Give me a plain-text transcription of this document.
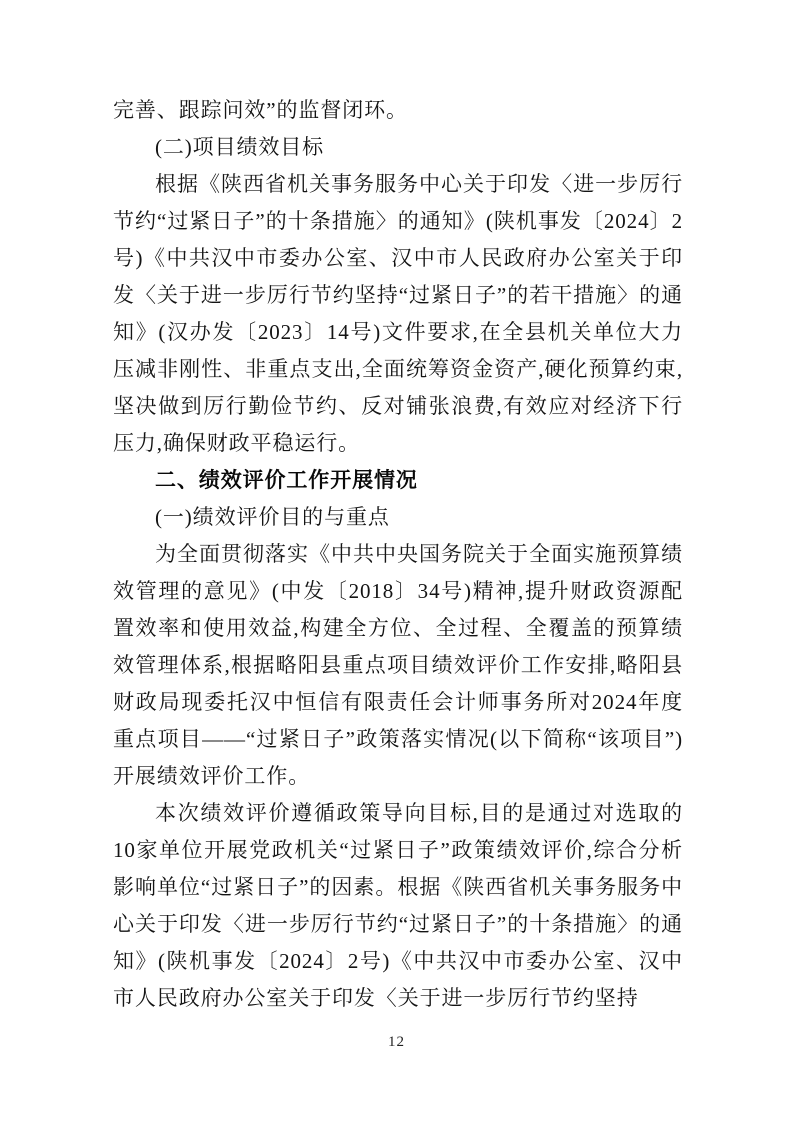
完善、跟踪问效”的监督闭环。

(二)项目绩效目标

根据《陕西省机关事务服务中心关于印发〈进一步厉行节约“过紧日子”的十条措施〉的通知》(陕机事发〔2024〕2号)《中共汉中市委办公室、汉中市人民政府办公室关于印发〈关于进一步厉行节约坚持“过紧日子”的若干措施〉的通知》(汉办发〔2023〕14号)文件要求,在全县机关单位大力压减非刚性、非重点支出,全面统筹资金资产,硬化预算约束,坚决做到厉行勤俭节约、反对铺张浪费,有效应对经济下行压力,确保财政平稳运行。

二、绩效评价工作开展情况

(一)绩效评价目的与重点

为全面贯彻落实《中共中央国务院关于全面实施预算绩效管理的意见》(中发〔2018〕34号)精神,提升财政资源配置效率和使用效益,构建全方位、全过程、全覆盖的预算绩效管理体系,根据略阳县重点项目绩效评价工作安排,略阳县财政局现委托汉中恒信有限责任会计师事务所对2024年度重点项目——“过紧日子”政策落实情况(以下简称“该项目”)开展绩效评价工作。

本次绩效评价遵循政策导向目标,目的是通过对选取的10家单位开展党政机关“过紧日子”政策绩效评价,综合分析影响单位“过紧日子”的因素。根据《陕西省机关事务服务中心关于印发〈进一步厉行节约“过紧日子”的十条措施〉的通知》(陕机事发〔2024〕2号)《中共汉中市委办公室、汉中市人民政府办公室关于印发〈关于进一步厉行节约坚持

12
